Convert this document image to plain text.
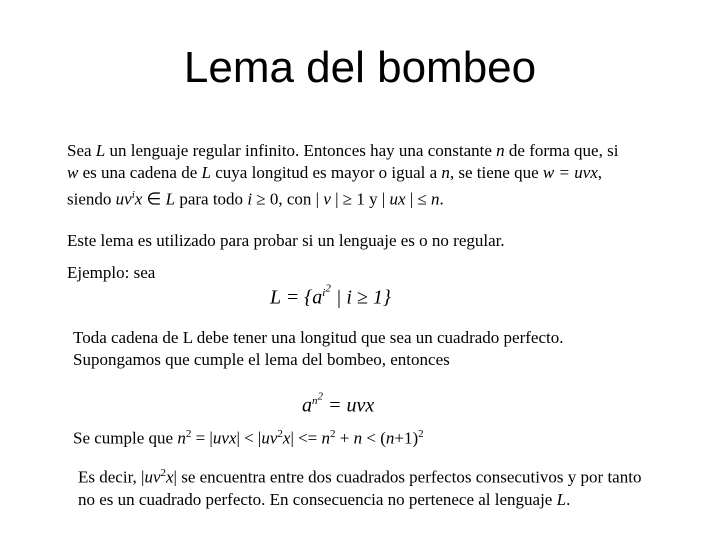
Lema del bombeo
Sea L un lenguaje regular infinito. Entonces hay una constante n de forma que, si
w es una cadena de L cuya longitud es mayor o igual a n, se tiene que w = uvx,
siendo $uv^ix$ ∈ L para todo i ≥ 0, con | v | ≥ 1 y | ux | ≤ n.
Este lema es utilizado para probar si un lenguaje es o no regular.
Ejemplo: sea
$L = \{a^{i^2}$ | i ≥ 1}
Toda cadena de L debe tener una longitud que sea un cuadrado perfecto.
Supongamos que cumple el lema del bombeo, entonces
$a^{n^2}$ = uvx
Se cumple que $n^2 = |uvx| < |uv^2x| <= n^2 + n < (n+1)^2$
Es decir, $|uv^2x|$ se encuentra entre dos cuadrados perfectos consecutivos y por tanto
no es un cuadrado perfecto. En consecuencia no pertenece al lenguaje L.
